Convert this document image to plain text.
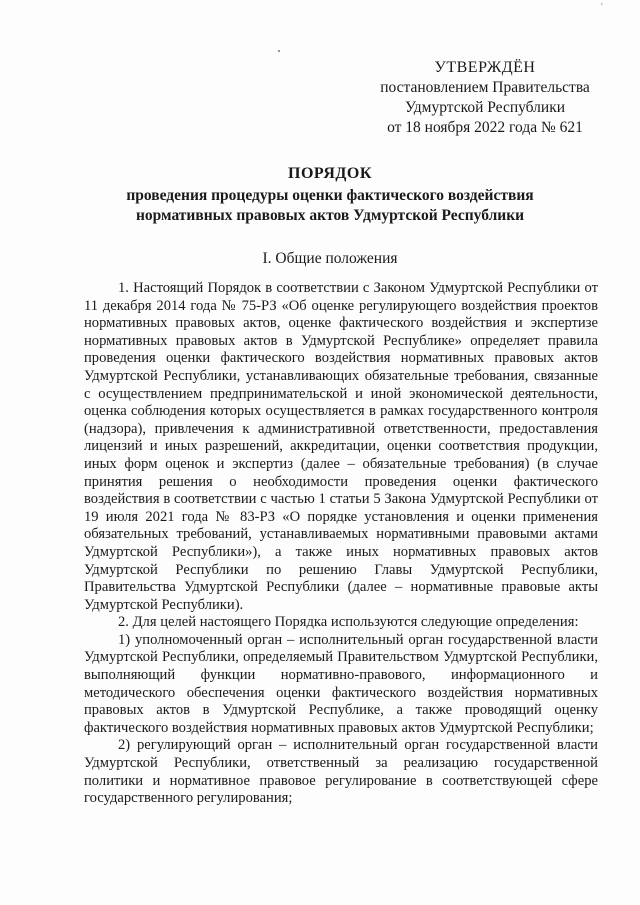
'
УТВЕРЖДЁН
постановлением Правительства
Удмуртской Республики
от 18 ноября 2022 года № 621
ПОРЯДОК
проведения процедуры оценки фактического воздействия
нормативных правовых актов Удмуртской Республики
I. Общие положения

1. Настоящий Порядок в соответствии с Законом Удмуртской Республики от 11 декабря 2014 года № 75-РЗ «Об оценке регулирующего воздействия проектов нормативных правовых актов, оценке фактического воздействия и экспертизе нормативных правовых актов в Удмуртской Республике» определяет правила проведения оценки фактического воздействия нормативных правовых актов Удмуртской Республики, устанавливающих обязательные требования, связанные с осуществлением предпринимательской и иной экономической деятельности, оценка соблюдения которых осуществляется в рамках государственного контроля (надзора), привлечения к административной ответственности, предоставления лицензий и иных разрешений, аккредитации, оценки соответствия продукции, иных форм оценок и экспертиз (далее – обязательные требования) (в случае принятия решения о необходимости проведения оценки фактического воздействия в соответствии с частью 1 статьи 5 Закона Удмуртской Республики от 19 июля 2021 года № 83-РЗ «О порядке установления и оценки применения обязательных требований, устанавливаемых нормативными правовыми актами Удмуртской Республики»), а также иных нормативных правовых актов Удмуртской Республики по решению Главы Удмуртской Республики, Правительства Удмуртской Республики (далее – нормативные правовые акты Удмуртской Республики).

2. Для целей настоящего Порядка используются следующие определения:

1) уполномоченный орган – исполнительный орган государственной власти Удмуртской Республики, определяемый Правительством Удмуртской Республики, выполняющий функции нормативно-правового, информационного и методического обеспечения оценки фактического воздействия нормативных правовых актов в Удмуртской Республике, а также проводящий оценку фактического воздействия нормативных правовых актов Удмуртской Республики;

2) регулирующий орган – исполнительный орган государственной власти Удмуртской Республики, ответственный за реализацию государственной политики и нормативное правовое регулирование в соответствующей сфере государственного регулирования;
